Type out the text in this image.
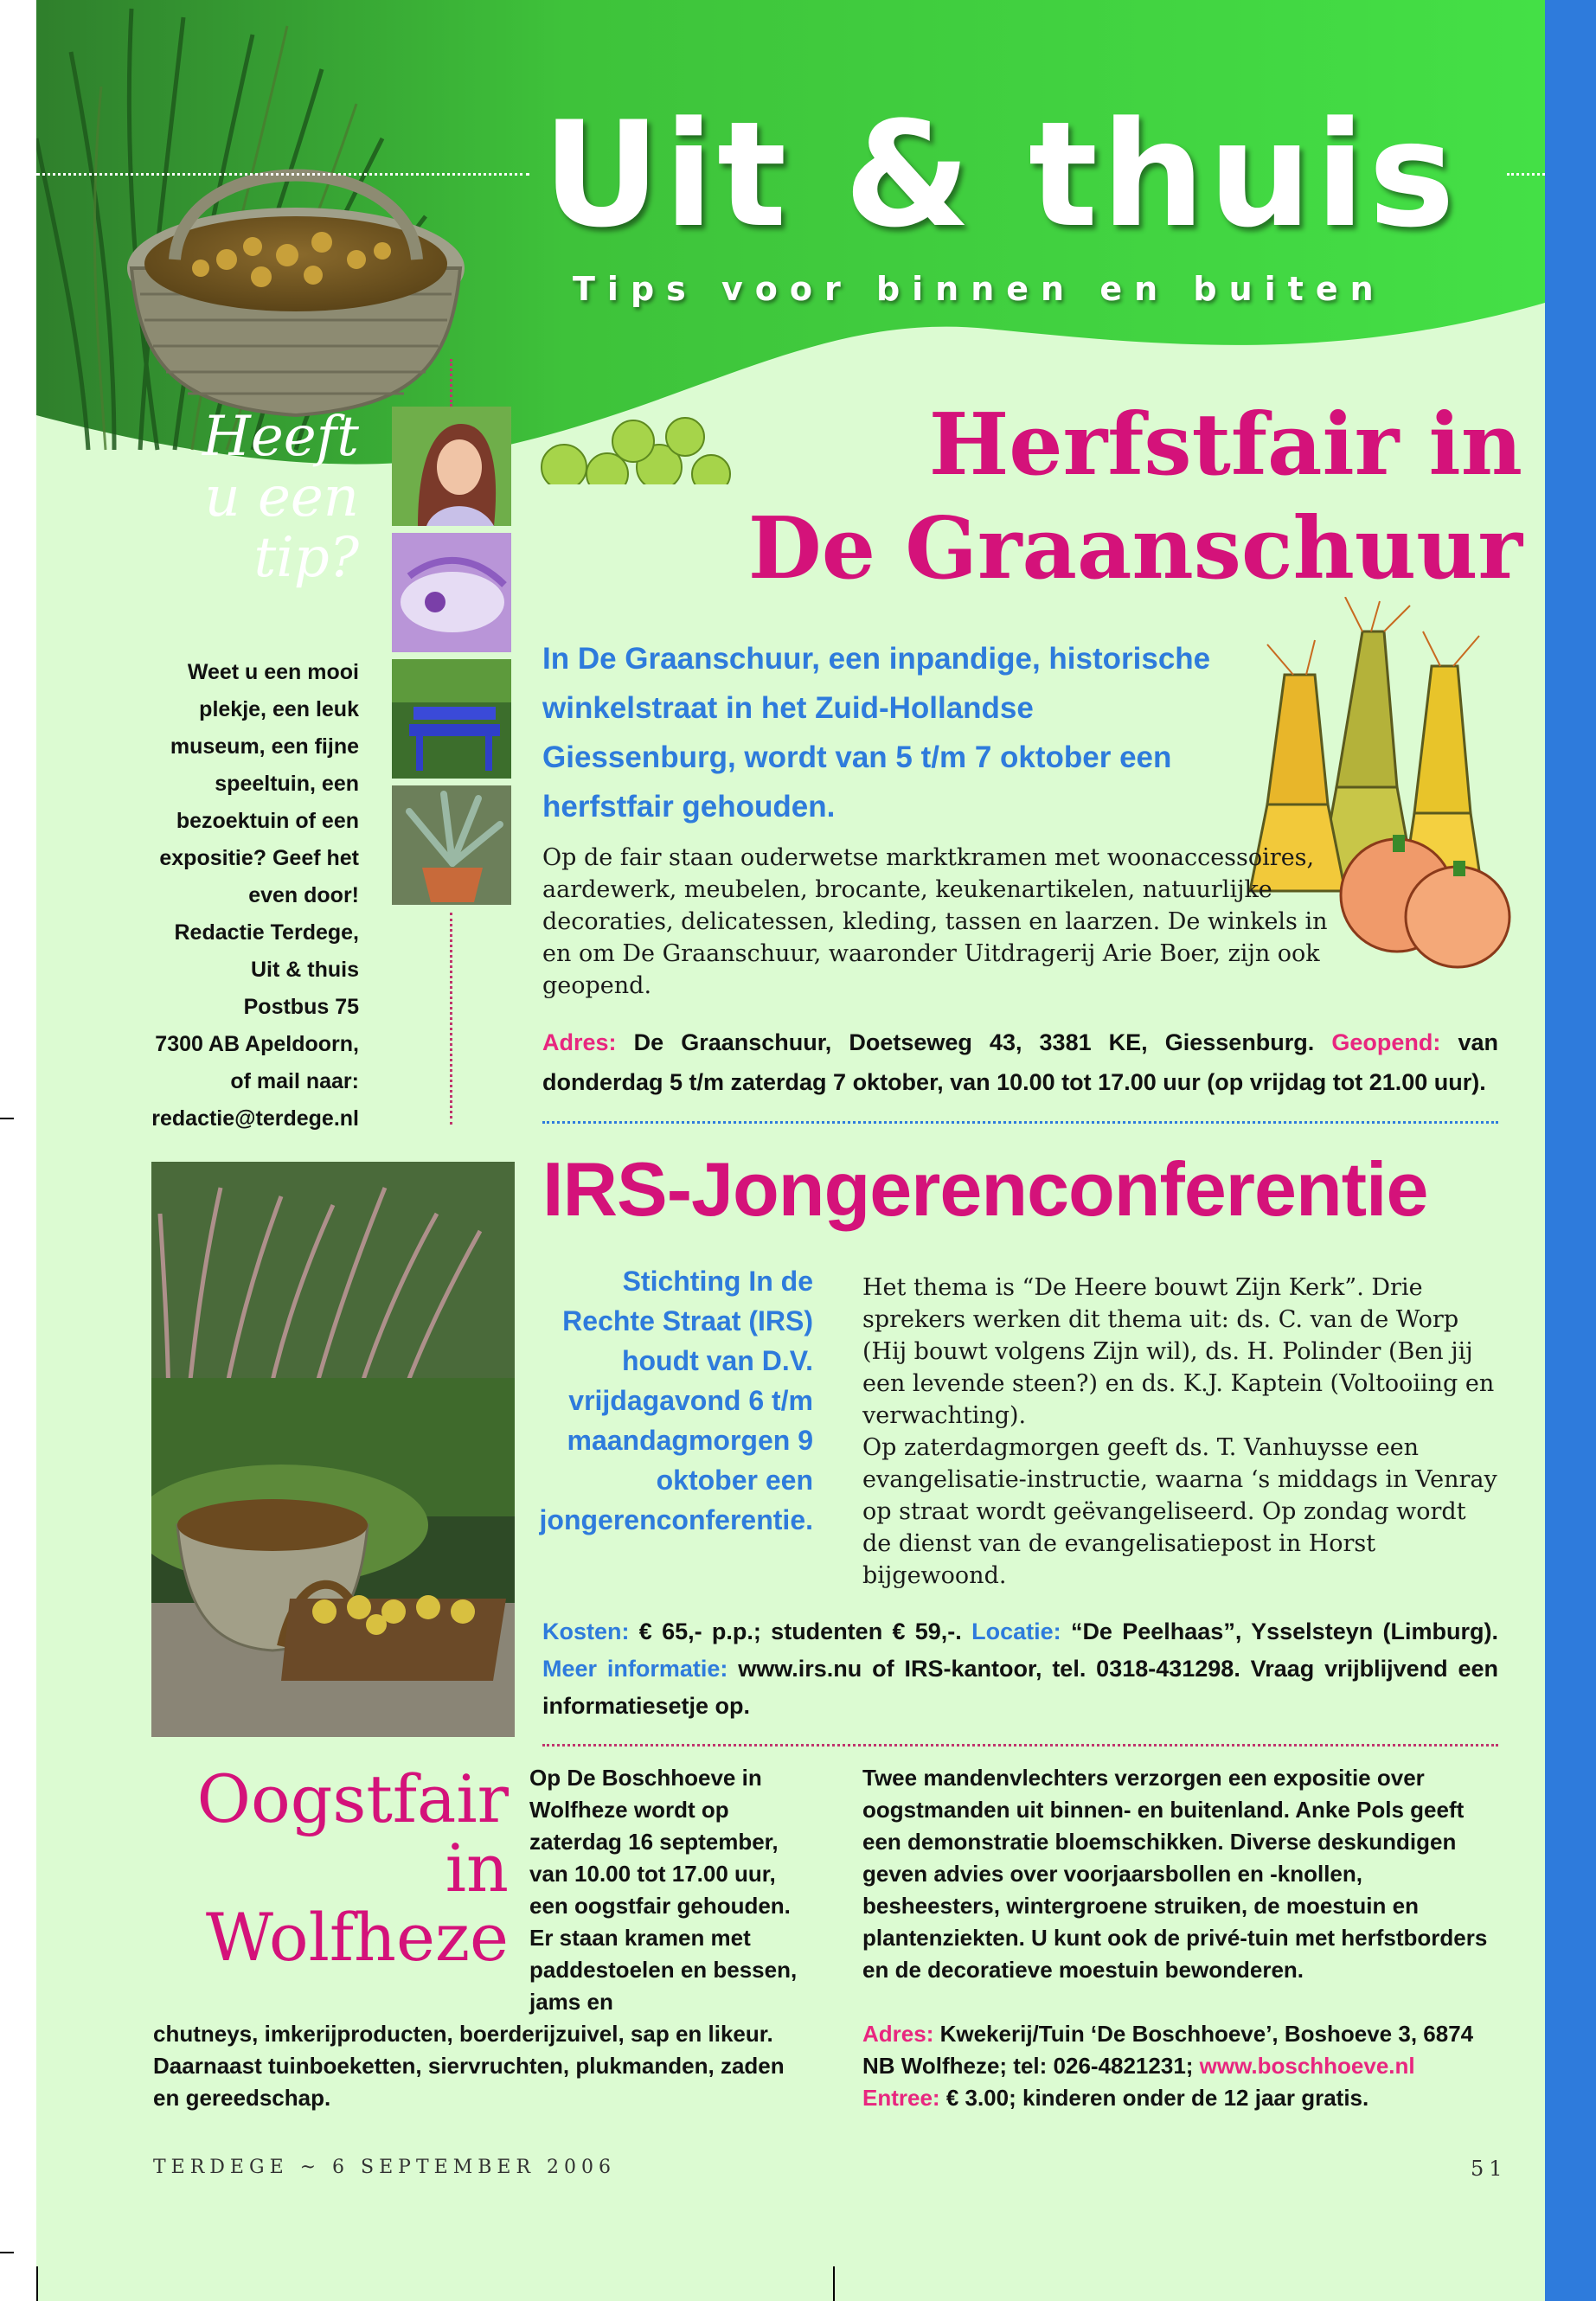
Uit & thuis
Tips voor binnen en buiten
Heeft
u een
tip?
Weet u een mooi
plekje, een leuk
museum, een fijne
speeltuin, een
bezoektuin of een
expositie? Geef het
even door!
Redactie Terdege,
Uit & thuis
Postbus 75
7300 AB Apeldoorn,
of mail naar:
redactie@terdege.nl
Herfstfair in
De Graanschuur
In De Graanschuur, een inpandige, historische winkelstraat in het Zuid-Hollandse Giessenburg, wordt van 5 t/m 7 oktober een herfstfair gehouden.
Op de fair staan ouderwetse marktkramen met woonaccessoires, aardewerk, meubelen, brocante, keukenartikelen, natuurlijke decoraties, delicatessen, kleding, tassen en laarzen. De winkels in en om De Graanschuur, waaronder Uitdragerij Arie Boer, zijn ook geopend.
Adres: De Graanschuur, Doetseweg 43, 3381 KE, Giessenburg. Geopend: van donderdag 5 t/m zaterdag 7 oktober, van 10.00 tot 17.00 uur (op vrijdag tot 21.00 uur).
IRS-Jongerenconferentie
Stichting In de Rechte Straat (IRS) houdt van D.V. vrijdagavond 6 t/m maandagmorgen 9 oktober een jongerenconferentie.
Het thema is “De Heere bouwt Zijn Kerk”. Drie sprekers werken dit thema uit: ds. C. van de Worp (Hij bouwt volgens Zijn wil), ds. H. Polinder (Ben jij een levende steen?) en ds. K.J. Kaptein (Voltooiing en verwachting).
Op zaterdagmorgen geeft ds. T. Vanhuysse een evangelisatie-instructie, waarna ‘s middags in Venray op straat wordt geëvangeliseerd. Op zondag wordt de dienst van de evangelisatiepost in Horst bijgewoond.
Kosten: € 65,- p.p.; studenten € 59,-. Locatie: “De Peelhaas”, Ysselsteyn (Limburg). Meer informatie: www.irs.nu of IRS-kantoor, tel. 0318-431298. Vraag vrijblijvend een informatiesetje op.
Oogstfair
in
Wolfheze
Op De Boschhoeve in Wolfheze wordt op zaterdag 16 september, van 10.00 tot 17.00 uur, een oogstfair gehouden. Er staan kramen met paddestoelen en bessen, jams en
chutneys, imkerijproducten, boerderijzuivel, sap en likeur. Daarnaast tuinboeketten, siervruchten, plukmanden, zaden en gereedschap.
Twee mandenvlechters verzorgen een expositie over oogstmanden uit binnen- en buitenland. Anke Pols geeft een demonstratie bloemschikken. Diverse deskundigen geven advies over voorjaarsbollen en -knollen, besheesters, wintergroene struiken, de moestuin en plantenziekten. U kunt ook de privé-tuin met herfstborders en de decoratieve moestuin bewonderen.
Adres: Kwekerij/Tuin ‘De Boschhoeve’, Boshoeve 3, 6874 NB Wolfheze; tel: 026-4821231; www.boschhoeve.nl
Entree: € 3.00; kinderen onder de 12 jaar gratis.
TERDEGE ~ 6 SEPTEMBER 2006	51
